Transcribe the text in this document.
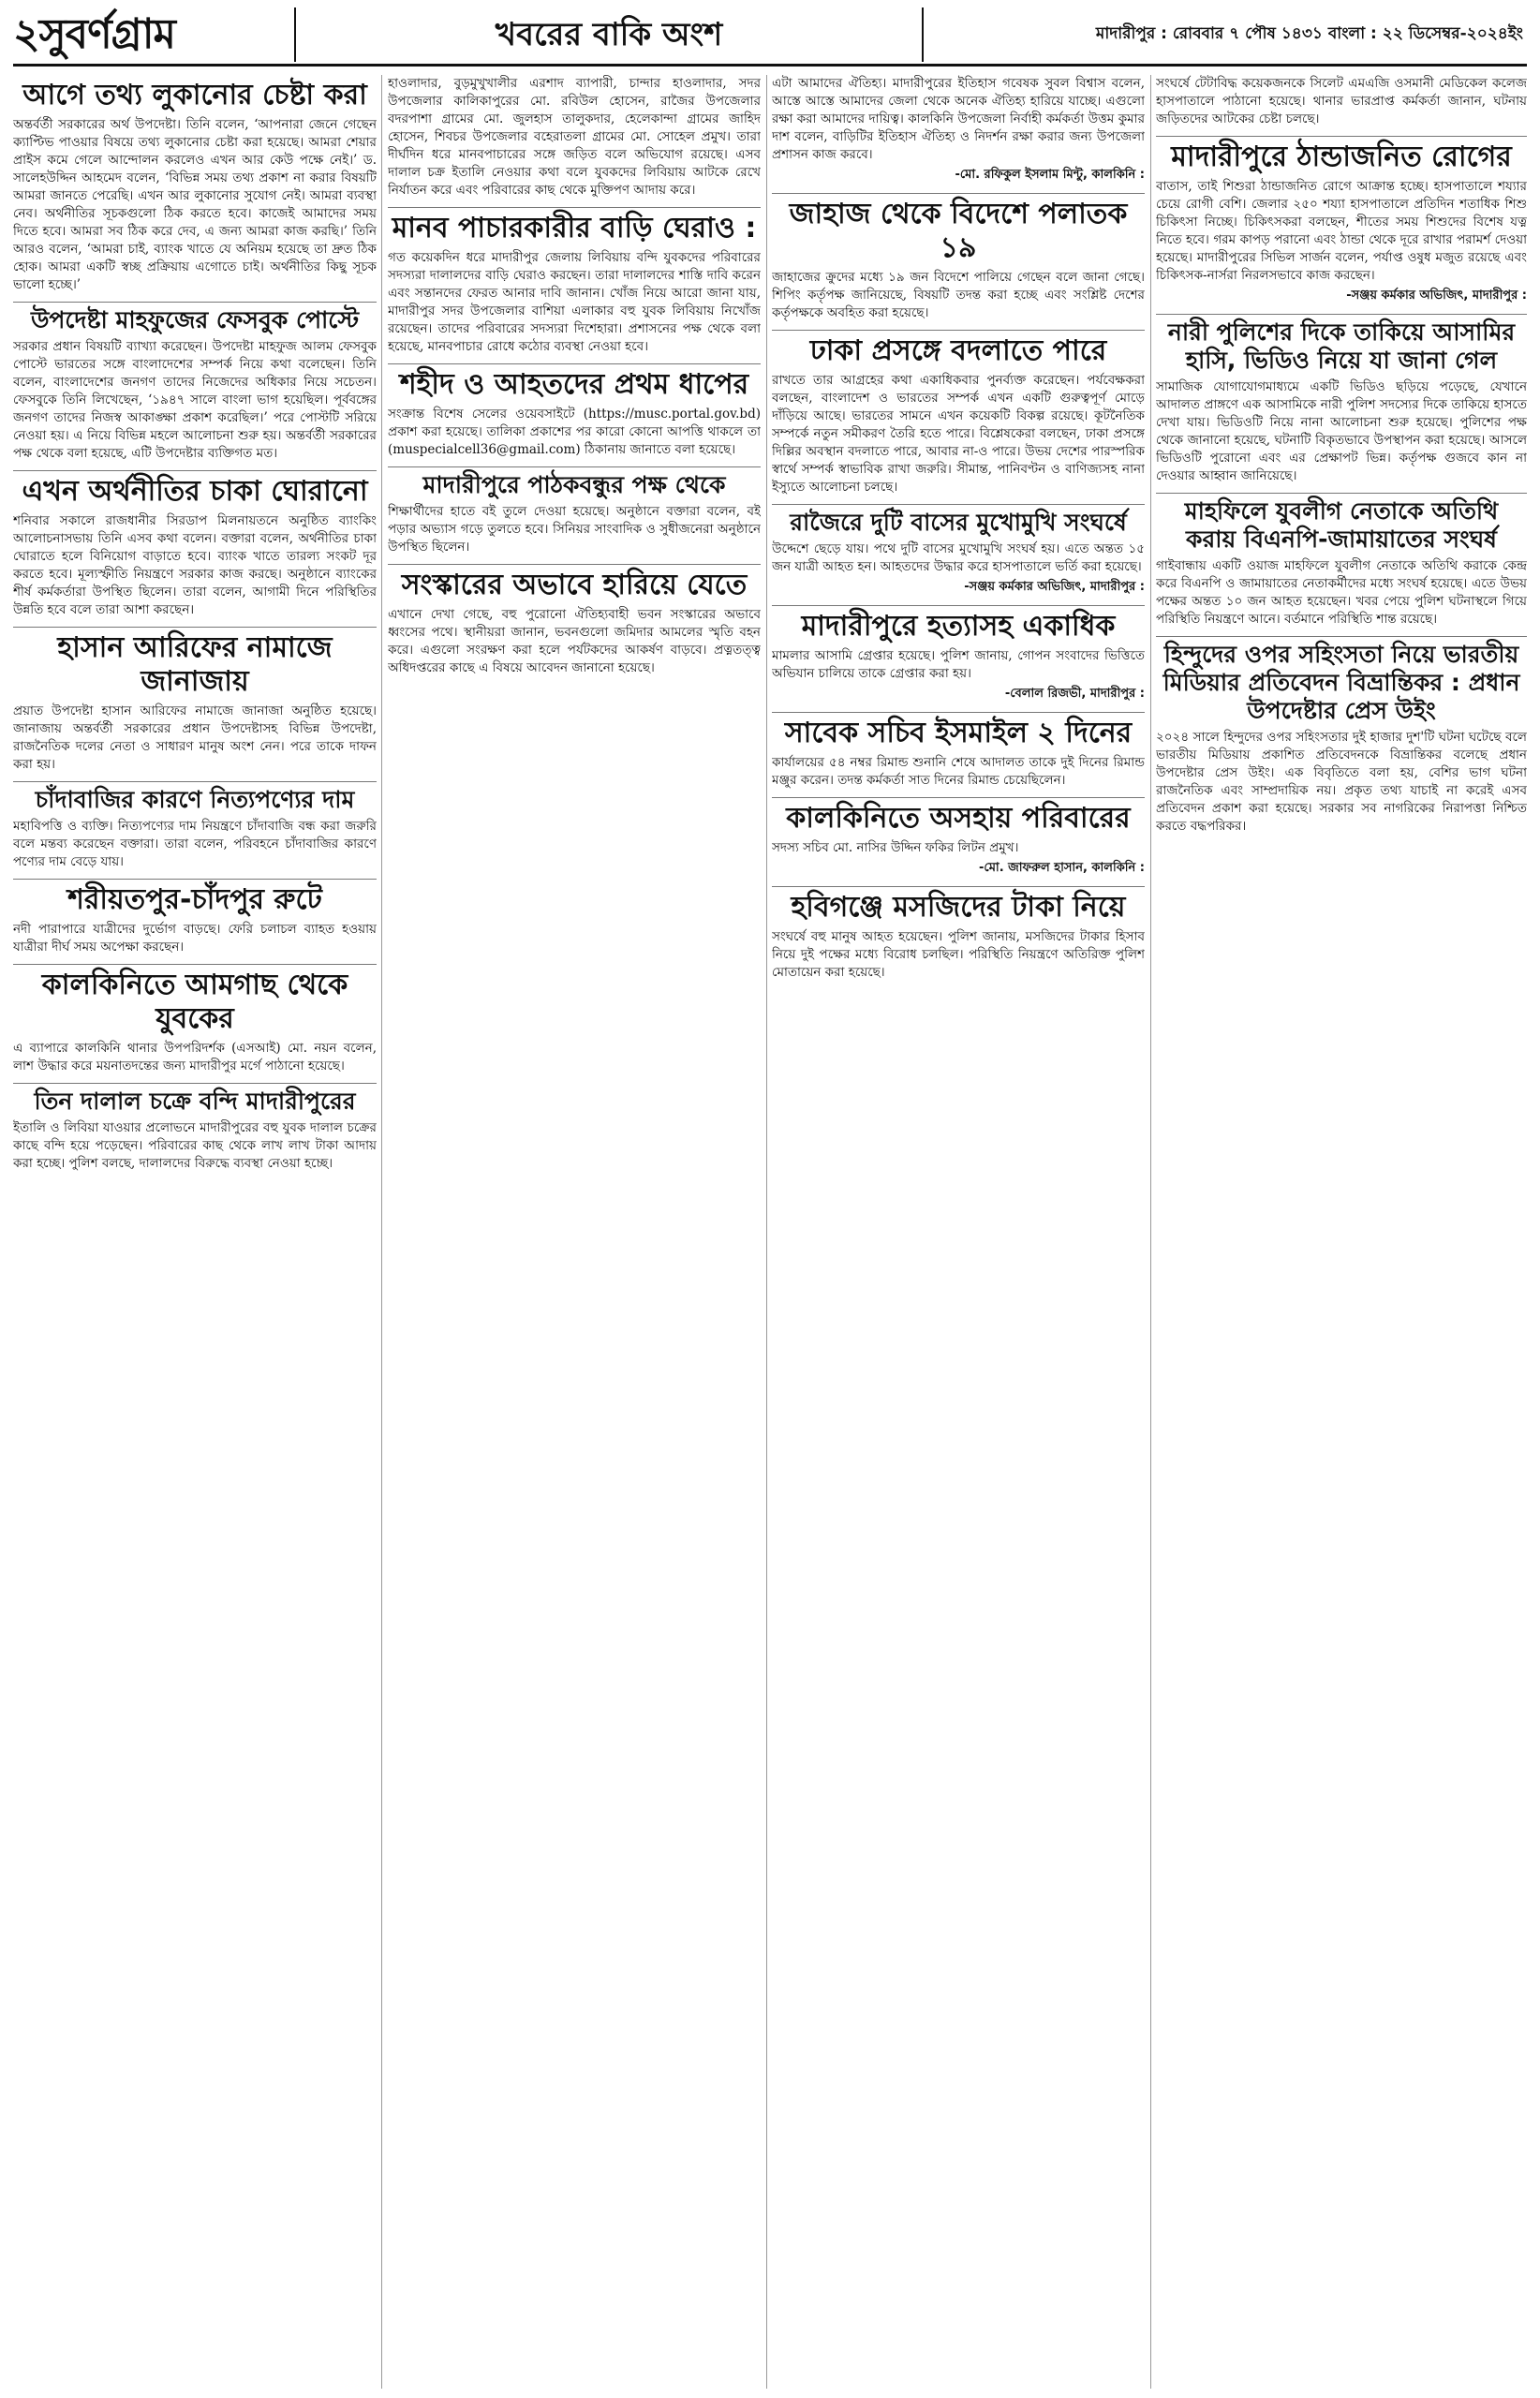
২সুবর্ণগ্রাম	খবরের বাকি অংশ	মাদারীপুর : রোববার ৭ পৌষ ১৪৩১ বাংলা : ২২ ডিসেম্বর-২০২৪ইং
আগে তথ্য লুকানোর চেষ্টা করা

অন্তর্বর্তী সরকারের অর্থ উপদেষ্টা। তিনি বলেন, ‘আপনারা জেনে গেছেন ক্যাপ্টিভ পাওয়ার বিষয়ে তথ্য লুকানোর চেষ্টা করা হয়েছে। আমরা শেয়ার প্রাইস কমে গেলে আন্দোলন করলেও এখন আর কেউ পক্ষে নেই।’ ড. সালেহউদ্দিন আহমেদ বলেন, ‘বিভিন্ন সময় তথ্য প্রকাশ না করার বিষয়টি আমরা জানতে পেরেছি। এখন আর লুকানোর সুযোগ নেই। আমরা ব্যবস্থা নেব। অর্থনীতির সূচকগুলো ঠিক করতে হবে। কাজেই আমাদের সময় দিতে হবে। আমরা সব ঠিক করে দেব, এ জন্য আমরা কাজ করছি।’ তিনি আরও বলেন, ‘আমরা চাই, ব্যাংক খাতে যে অনিয়ম হয়েছে তা দ্রুত ঠিক হোক। আমরা একটি স্বচ্ছ প্রক্রিয়ায় এগোতে চাই। অর্থনীতির কিছু সূচক ভালো হচ্ছে।’

উপদেষ্টা মাহফুজের ফেসবুক পোস্টে

সরকার প্রধান বিষয়টি ব্যাখ্যা করেছেন। উপদেষ্টা মাহফুজ আলম ফেসবুক পোস্টে ভারতের সঙ্গে বাংলাদেশের সম্পর্ক নিয়ে কথা বলেছেন। তিনি বলেন, বাংলাদেশের জনগণ তাদের নিজেদের অধিকার নিয়ে সচেতন। ফেসবুকে তিনি লিখেছেন, ‘১৯৪৭ সালে বাংলা ভাগ হয়েছিল। পূর্ববঙ্গের জনগণ তাদের নিজস্ব আকাঙ্ক্ষা প্রকাশ করেছিল।’ পরে পোস্টটি সরিয়ে নেওয়া হয়। এ নিয়ে বিভিন্ন মহলে আলোচনা শুরু হয়। অন্তর্বর্তী সরকারের পক্ষ থেকে বলা হয়েছে, এটি উপদেষ্টার ব্যক্তিগত মত।

এখন অর্থনীতির চাকা ঘোরানো

শনিবার সকালে রাজধানীর সিরডাপ মিলনায়তনে অনুষ্ঠিত ব্যাংকিং আলোচনাসভায় তিনি এসব কথা বলেন। বক্তারা বলেন, অর্থনীতির চাকা ঘোরাতে হলে বিনিয়োগ বাড়াতে হবে। ব্যাংক খাতে তারল্য সংকট দূর করতে হবে। মূল্যস্ফীতি নিয়ন্ত্রণে সরকার কাজ করছে। অনুষ্ঠানে ব্যাংকের শীর্ষ কর্মকর্তারা উপস্থিত ছিলেন। তারা বলেন, আগামী দিনে পরিস্থিতির উন্নতি হবে বলে তারা আশা করছেন।

হাসান আরিফের নামাজে জানাজায়

প্রয়াত উপদেষ্টা হাসান আরিফের নামাজে জানাজা অনুষ্ঠিত হয়েছে। জানাজায় অন্তর্বর্তী সরকারের প্রধান উপদেষ্টাসহ বিভিন্ন উপদেষ্টা, রাজনৈতিক দলের নেতা ও সাধারণ মানুষ অংশ নেন। পরে তাকে দাফন করা হয়।

চাঁদাবাজির কারণে নিত্যপণ্যের দাম

মহাবিপত্তি ও ব্যক্তি। নিত্যপণ্যের দাম নিয়ন্ত্রণে চাঁদাবাজি বন্ধ করা জরুরি বলে মন্তব্য করেছেন বক্তারা। তারা বলেন, পরিবহনে চাঁদাবাজির কারণে পণ্যের দাম বেড়ে যায়।

শরীয়তপুর-চাঁদপুর রুটে

নদী পারাপারে যাত্রীদের দুর্ভোগ বাড়ছে। ফেরি চলাচল ব্যাহত হওয়ায় যাত্রীরা দীর্ঘ সময় অপেক্ষা করছেন।

কালকিনিতে আমগাছ থেকে যুবকের

এ ব্যাপারে কালকিনি থানার উপপরিদর্শক (এসআই) মো. নয়ন বলেন, লাশ উদ্ধার করে ময়নাতদন্তের জন্য মাদারীপুর মর্গে পাঠানো হয়েছে।

তিন দালাল চক্রে বন্দি মাদারীপুরের

ইতালি ও লিবিয়া যাওয়ার প্রলোভনে মাদারীপুরের বহু যুবক দালাল চক্রের কাছে বন্দি হয়ে পড়েছেন। পরিবারের কাছ থেকে লাখ লাখ টাকা আদায় করা হচ্ছে। পুলিশ বলছে, দালালদের বিরুদ্ধে ব্যবস্থা নেওয়া হচ্ছে।

হাওলাদার, বুড়মুখুখালীর এরশাদ ব্যাপারী, চান্দার হাওলাদার, সদর উপজেলার কালিকাপুরের মো. রবিউল হোসেন, রাজৈর উপজেলার বদরপাশা গ্রামের মো. জুলহাস তালুকদার, হেলেকান্দা গ্রামের জাহিদ হোসেন, শিবচর উপজেলার বহেরাতলা গ্রামের মো. সোহেল প্রমুখ। তারা দীর্ঘদিন ধরে মানবপাচারের সঙ্গে জড়িত বলে অভিযোগ রয়েছে। এসব দালাল চক্র ইতালি নেওয়ার কথা বলে যুবকদের লিবিয়ায় আটকে রেখে নির্যাতন করে এবং পরিবারের কাছ থেকে মুক্তিপণ আদায় করে।

মানব পাচারকারীর বাড়ি ঘেরাও :

গত কয়েকদিন ধরে মাদারীপুর জেলায় লিবিয়ায় বন্দি যুবকদের পরিবারের সদস্যরা দালালদের বাড়ি ঘেরাও করছেন। তারা দালালদের শাস্তি দাবি করেন এবং সন্তানদের ফেরত আনার দাবি জানান। খোঁজ নিয়ে আরো জানা যায়, মাদারীপুর সদর উপজেলার বাশিয়া এলাকার বহু যুবক লিবিয়ায় নিখোঁজ রয়েছেন। তাদের পরিবারের সদস্যরা দিশেহারা। প্রশাসনের পক্ষ থেকে বলা হয়েছে, মানবপাচার রোধে কঠোর ব্যবস্থা নেওয়া হবে।

শহীদ ও আহতদের প্রথম ধাপের

সংক্রান্ত বিশেষ সেলের ওয়েবসাইটে (https://musc.portal.gov.bd) প্রকাশ করা হয়েছে। তালিকা প্রকাশের পর কারো কোনো আপত্তি থাকলে তা (muspecialcell36@gmail.com) ঠিকানায় জানাতে বলা হয়েছে।

মাদারীপুরে পাঠকবন্ধুর পক্ষ থেকে

শিক্ষার্থীদের হাতে বই তুলে দেওয়া হয়েছে। অনুষ্ঠানে বক্তারা বলেন, বই পড়ার অভ্যাস গড়ে তুলতে হবে। সিনিয়র সাংবাদিক ও সুধীজনেরা অনুষ্ঠানে উপস্থিত ছিলেন।

সংস্কারের অভাবে হারিয়ে যেতে

এখানে দেখা গেছে, বহু পুরোনো ঐতিহ্যবাহী ভবন সংস্কারের অভাবে ধ্বংসের পথে। স্থানীয়রা জানান, ভবনগুলো জমিদার আমলের স্মৃতি বহন করে। এগুলো সংরক্ষণ করা হলে পর্যটকদের আকর্ষণ বাড়বে। প্রত্নতত্ত্ব অধিদপ্তরের কাছে এ বিষয়ে আবেদন জানানো হয়েছে।

এটা আমাদের ঐতিহ্য। মাদারীপুরের ইতিহাস গবেষক সুবল বিশ্বাস বলেন, আস্তে আস্তে আমাদের জেলা থেকে অনেক ঐতিহ্য হারিয়ে যাচ্ছে। এগুলো রক্ষা করা আমাদের দায়িত্ব। কালকিনি উপজেলা নির্বাহী কর্মকর্তা উত্তম কুমার দাশ বলেন, বাড়িটির ইতিহাস ঐতিহ্য ও নিদর্শন রক্ষা করার জন্য উপজেলা প্রশাসন কাজ করবে।

-মো. রফিকুল ইসলাম মিন্টু, কালকিনি :
জাহাজ থেকে বিদেশে পলাতক ১৯

জাহাজের ক্রুদের মধ্যে ১৯ জন বিদেশে পালিয়ে গেছেন বলে জানা গেছে। শিপিং কর্তৃপক্ষ জানিয়েছে, বিষয়টি তদন্ত করা হচ্ছে এবং সংশ্লিষ্ট দেশের কর্তৃপক্ষকে অবহিত করা হয়েছে।

ঢাকা প্রসঙ্গে বদলাতে পারে

রাখতে তার আগ্রহের কথা একাধিকবার পুনর্ব্যক্ত করেছেন। পর্যবেক্ষকরা বলছেন, বাংলাদেশ ও ভারতের সম্পর্ক এখন একটি গুরুত্বপূর্ণ মোড়ে দাঁড়িয়ে আছে। ভারতের সামনে এখন কয়েকটি বিকল্প রয়েছে। কূটনৈতিক সম্পর্কে নতুন সমীকরণ তৈরি হতে পারে। বিশ্লেষকেরা বলছেন, ঢাকা প্রসঙ্গে দিল্লির অবস্থান বদলাতে পারে, আবার না-ও পারে। উভয় দেশের পারস্পরিক স্বার্থে সম্পর্ক স্বাভাবিক রাখা জরুরি। সীমান্ত, পানিবণ্টন ও বাণিজ্যসহ নানা ইস্যুতে আলোচনা চলছে।

রাজৈরে দুটি বাসের মুখোমুখি সংঘর্ষে

উদ্দেশে ছেড়ে যায়। পথে দুটি বাসের মুখোমুখি সংঘর্ষ হয়। এতে অন্তত ১৫ জন যাত্রী আহত হন। আহতদের উদ্ধার করে হাসপাতালে ভর্তি করা হয়েছে।

-সঞ্জয় কর্মকার অভিজিৎ, মাদারীপুর :
মাদারীপুরে হত্যাসহ একাধিক

মামলার আসামি গ্রেপ্তার হয়েছে। পুলিশ জানায়, গোপন সংবাদের ভিত্তিতে অভিযান চালিয়ে তাকে গ্রেপ্তার করা হয়।

-বেলাল রিজভী, মাদারীপুর :
সাবেক সচিব ইসমাইল ২ দিনের

কার্যালয়ের ৫৪ নম্বর রিমান্ড শুনানি শেষে আদালত তাকে দুই দিনের রিমান্ড মঞ্জুর করেন। তদন্ত কর্মকর্তা সাত দিনের রিমান্ড চেয়েছিলেন।

কালকিনিতে অসহায় পরিবারের

সদস্য সচিব মো. নাসির উদ্দিন ফকির লিটন প্রমুখ।

-মো. জাফরুল হাসান, কালকিনি :
হবিগঞ্জে মসজিদের টাকা নিয়ে

সংঘর্ষে বহু মানুষ আহত হয়েছেন। পুলিশ জানায়, মসজিদের টাকার হিসাব নিয়ে দুই পক্ষের মধ্যে বিরোধ চলছিল। পরিস্থিতি নিয়ন্ত্রণে অতিরিক্ত পুলিশ মোতায়েন করা হয়েছে।

সংঘর্ষে টেটাবিদ্ধ কয়েকজনকে সিলেট এমএজি ওসমানী মেডিকেল কলেজ হাসপাতালে পাঠানো হয়েছে। থানার ভারপ্রাপ্ত কর্মকর্তা জানান, ঘটনায় জড়িতদের আটকের চেষ্টা চলছে।

মাদারীপুরে ঠান্ডাজনিত রোগের

বাতাস, তাই শিশুরা ঠান্ডাজনিত রোগে আক্রান্ত হচ্ছে। হাসপাতালে শয্যার চেয়ে রোগী বেশি। জেলার ২৫০ শয্যা হাসপাতালে প্রতিদিন শতাধিক শিশু চিকিৎসা নিচ্ছে। চিকিৎসকরা বলছেন, শীতের সময় শিশুদের বিশেষ যত্ন নিতে হবে। গরম কাপড় পরানো এবং ঠান্ডা থেকে দূরে রাখার পরামর্শ দেওয়া হয়েছে। মাদারীপুরের সিভিল সার্জন বলেন, পর্যাপ্ত ওষুধ মজুত রয়েছে এবং চিকিৎসক-নার্সরা নিরলসভাবে কাজ করছেন।

-সঞ্জয় কর্মকার অভিজিৎ, মাদারীপুর :
নারী পুলিশের দিকে তাকিয়ে আসামির হাসি, ভিডিও নিয়ে যা জানা গেল

সামাজিক যোগাযোগমাধ্যমে একটি ভিডিও ছড়িয়ে পড়েছে, যেখানে আদালত প্রাঙ্গণে এক আসামিকে নারী পুলিশ সদস্যের দিকে তাকিয়ে হাসতে দেখা যায়। ভিডিওটি নিয়ে নানা আলোচনা শুরু হয়েছে। পুলিশের পক্ষ থেকে জানানো হয়েছে, ঘটনাটি বিকৃতভাবে উপস্থাপন করা হয়েছে। আসলে ভিডিওটি পুরোনো এবং এর প্রেক্ষাপট ভিন্ন। কর্তৃপক্ষ গুজবে কান না দেওয়ার আহ্বান জানিয়েছে।

মাহফিলে যুবলীগ নেতাকে অতিথি করায় বিএনপি-জামায়াতের সংঘর্ষ

গাইবান্ধায় একটি ওয়াজ মাহফিলে যুবলীগ নেতাকে অতিথি করাকে কেন্দ্র করে বিএনপি ও জামায়াতের নেতাকর্মীদের মধ্যে সংঘর্ষ হয়েছে। এতে উভয় পক্ষের অন্তত ১০ জন আহত হয়েছেন। খবর পেয়ে পুলিশ ঘটনাস্থলে গিয়ে পরিস্থিতি নিয়ন্ত্রণে আনে। বর্তমানে পরিস্থিতি শান্ত রয়েছে।

হিন্দুদের ওপর সহিংসতা নিয়ে ভারতীয় মিডিয়ার প্রতিবেদন বিভ্রান্তিকর : প্রধান উপদেষ্টার প্রেস উইং

২০২৪ সালে হিন্দুদের ওপর সহিংসতার দুই হাজার দুশ'টি ঘটনা ঘটেছে বলে ভারতীয় মিডিয়ায় প্রকাশিত প্রতিবেদনকে বিভ্রান্তিকর বলেছে প্রধান উপদেষ্টার প্রেস উইং। এক বিবৃতিতে বলা হয়, বেশির ভাগ ঘটনা রাজনৈতিক এবং সাম্প্রদায়িক নয়। প্রকৃত তথ্য যাচাই না করেই এসব প্রতিবেদন প্রকাশ করা হয়েছে। সরকার সব নাগরিকের নিরাপত্তা নিশ্চিত করতে বদ্ধপরিকর।
